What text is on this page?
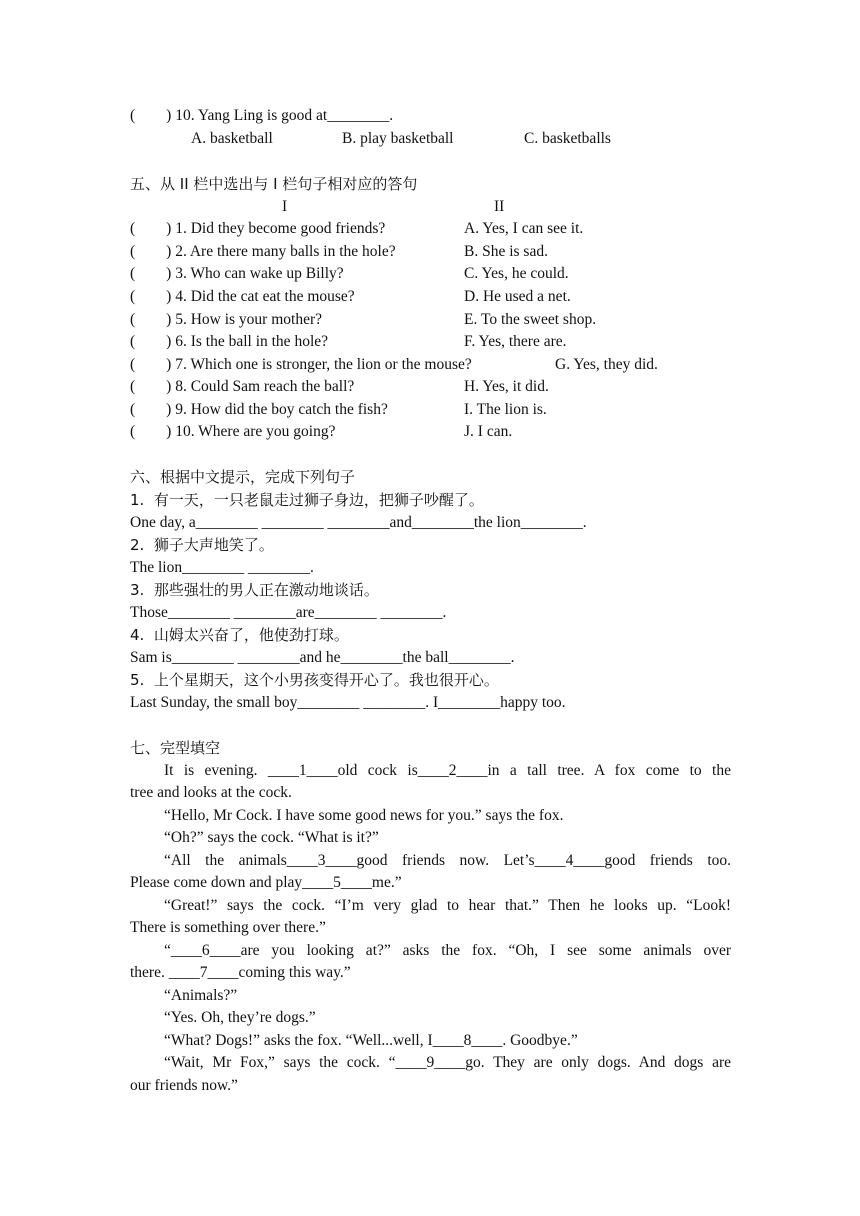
(        ) 10. Yang Ling is good at________.
A. basketball	B. play basketball	C. basketballs
五、从 II 栏中选出与 I 栏句子相对应的答句
I	II
(        ) 1. Did they become good friends?	A. Yes, I can see it.
(        ) 2. Are there many balls in the hole?	B. She is sad.
(        ) 3. Who can wake up Billy?	C. Yes, he could.
(        ) 4. Did the cat eat the mouse?	D. He used a net.
(        ) 5. How is your mother?	E. To the sweet shop.
(        ) 6. Is the ball in the hole?	F. Yes, there are.
(        ) 7. Which one is stronger, the lion or the mouse?	G. Yes, they did.
(        ) 8. Could Sam reach the ball?	H. Yes, it did.
(        ) 9. How did the boy catch the fish?	I. The lion is.
(        ) 10. Where are you going?	J. I can.
六、根据中文提示，完成下列句子
1.  有一天，一只老鼠走过狮子身边，把狮子吵醒了。
One day, a________ ________ ________and________the lion________.
2.  狮子大声地笑了。
The lion________ ________.
3.  那些强壮的男人正在激动地谈话。
Those________ ________are________ ________.
4.  山姆太兴奋了，他使劲打球。
Sam is________ ________and he________the ball________.
5.  上个星期天，这个小男孩变得开心了。我也很开心。
Last Sunday, the small boy________ ________. I________happy too.
七、完型填空
It is evening. ____1____old cock is____2____in a tall tree. A fox come to the
tree and looks at the cock.
“Hello, Mr Cock. I have some good news for you.” says the fox.
“Oh?” says the cock. “What is it?”
“All the animals____3____good friends now. Let’s____4____good friends too.
Please come down and play____5____me.”
“Great!” says the cock. “I’m very glad to hear that.” Then he looks up. “Look!
There is something over there.”
“____6____are you looking at?” asks the fox. “Oh, I see some animals over
there. ____7____coming this way.”
“Animals?”
“Yes. Oh, they’re dogs.”
“What? Dogs!” asks the fox. “Well...well, I____8____. Goodbye.”
“Wait, Mr Fox,” says the cock. “____9____go. They are only dogs. And dogs are
our friends now.”
